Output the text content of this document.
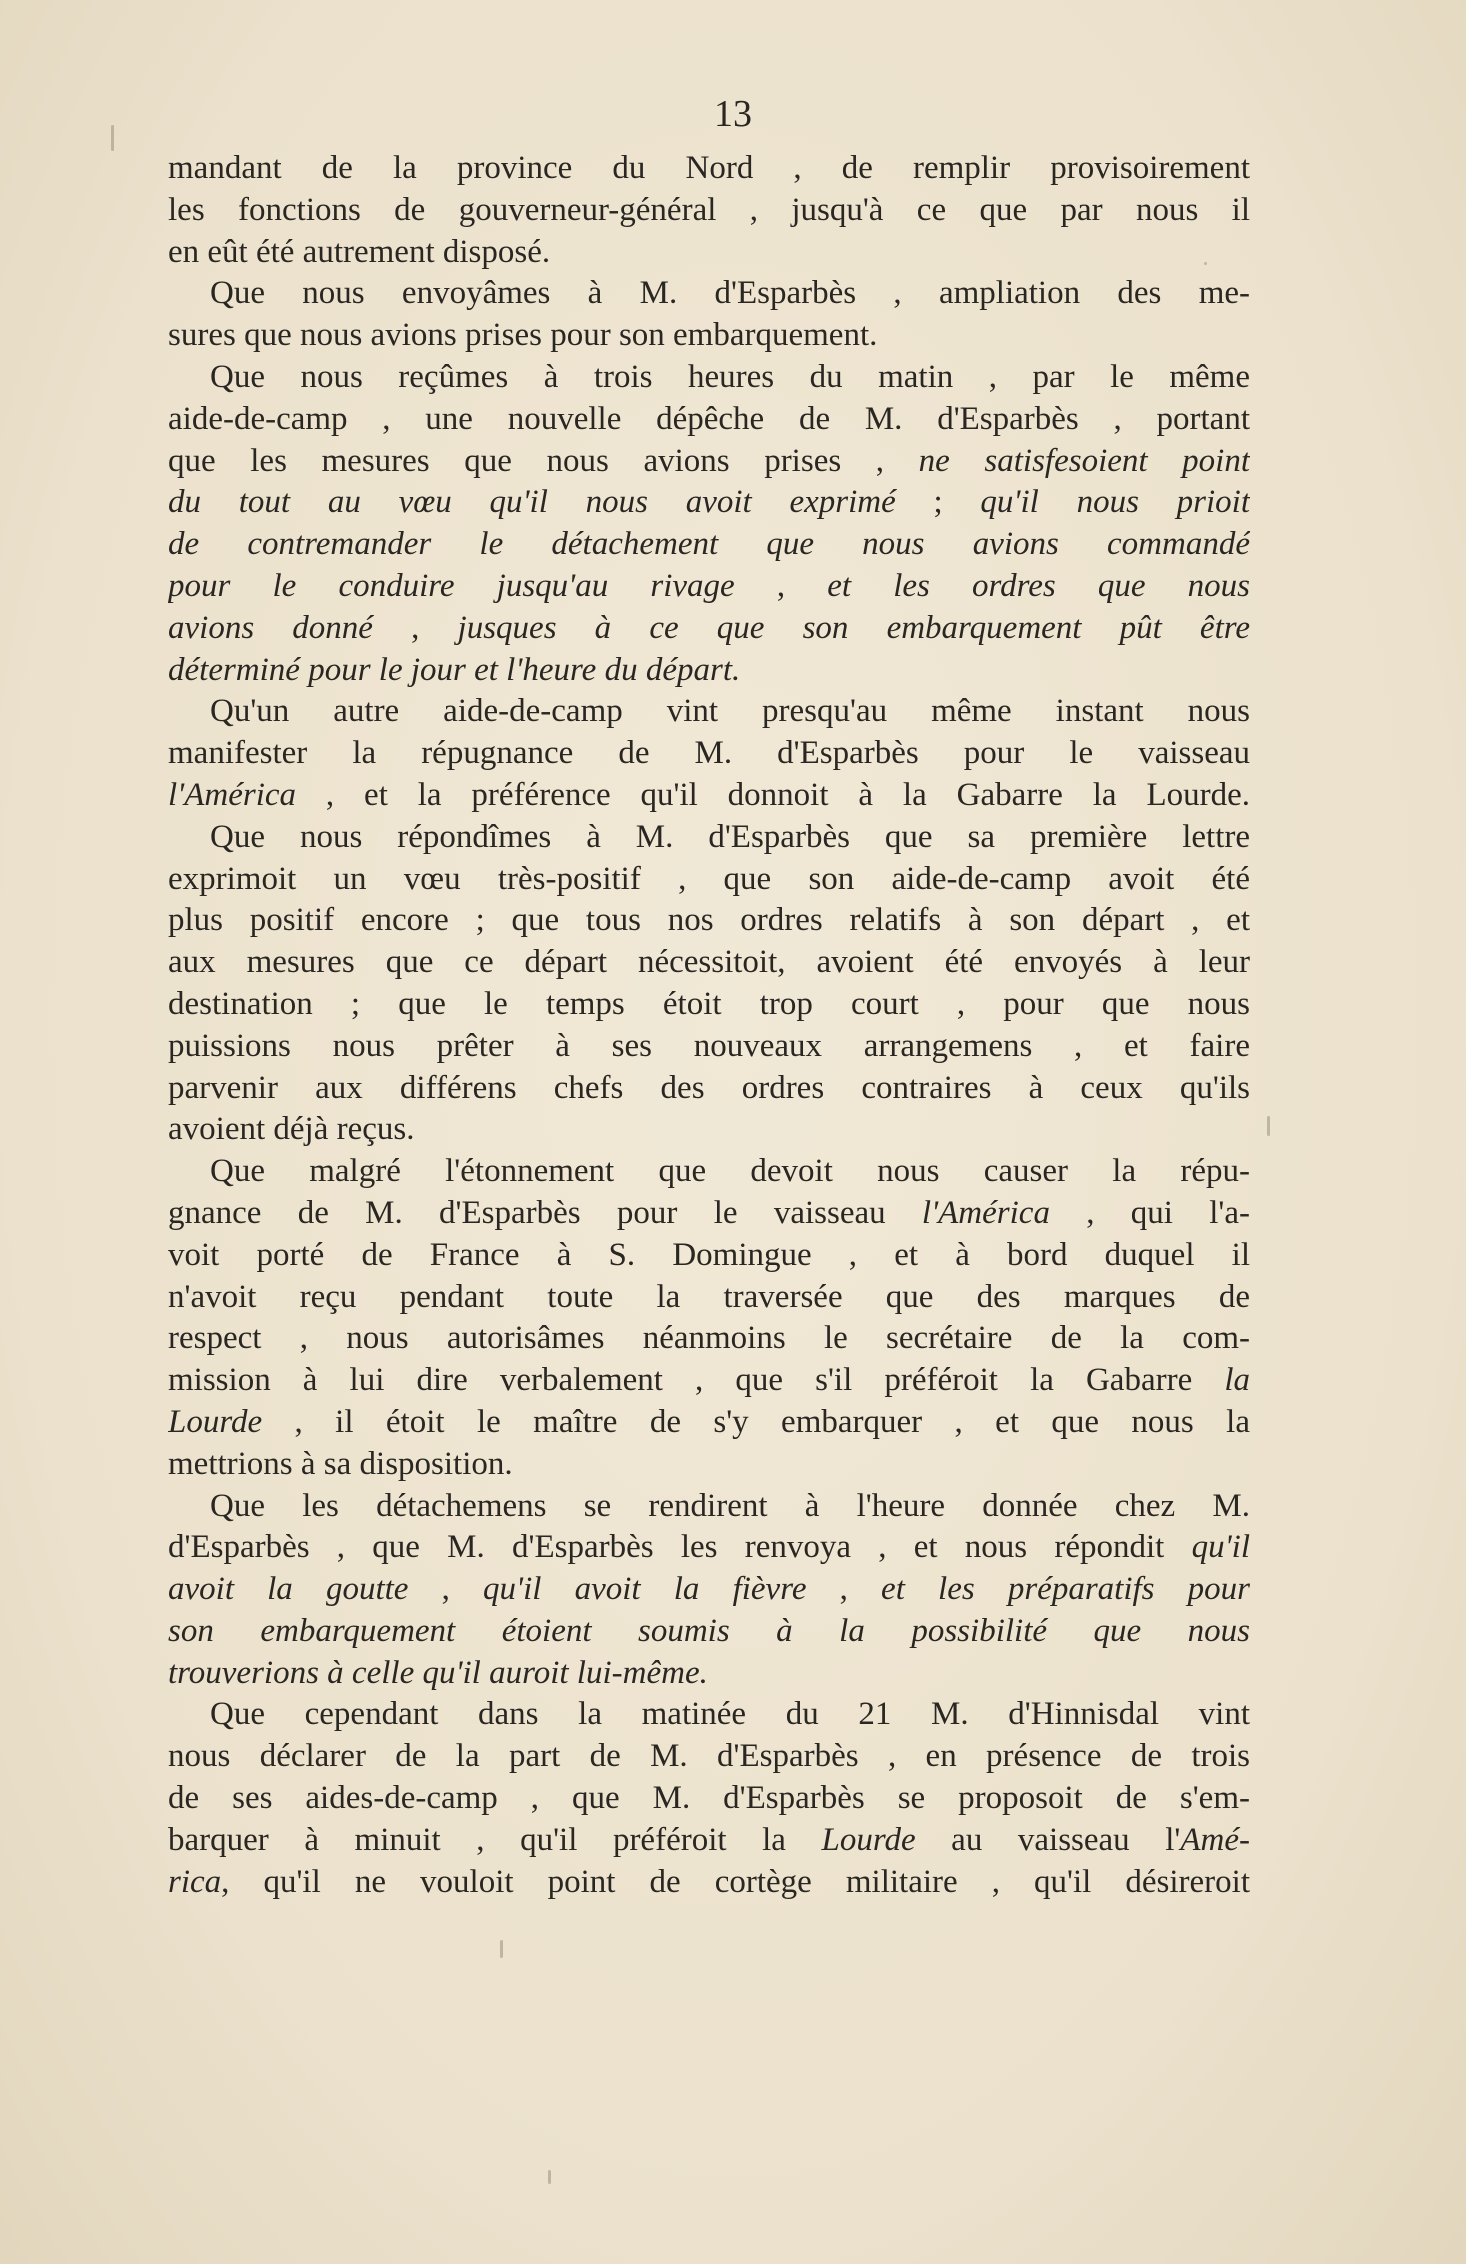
13
mandant de la province du Nord , de remplir provisoirement
les fonctions de gouverneur-général , jusqu'à ce que par nous il
en eût été autrement disposé.
Que nous envoyâmes à M. d'Esparbès , ampliation des me-
sures que nous avions prises pour son embarquement.
Que nous reçûmes à trois heures du matin , par le même
aide-de-camp , une nouvelle dépêche de M. d'Esparbès , portant
que les mesures que nous avions prises , ne satisfesoient point
du tout au vœu qu'il nous avoit exprimé ; qu'il nous prioit
de contremander le détachement que nous avions commandé
pour le conduire jusqu'au rivage , et les ordres que nous
avions donné , jusques à ce que son embarquement pût être
déterminé pour le jour et l'heure du départ.
Qu'un autre aide-de-camp vint presqu'au même instant nous
manifester la répugnance de M. d'Esparbès pour le vaisseau
l'América , et la préférence qu'il donnoit à la Gabarre la Lourde.
Que nous répondîmes à M. d'Esparbès que sa première lettre
exprimoit un vœu très-positif , que son aide-de-camp avoit été
plus positif encore ; que tous nos ordres relatifs à son départ , et
aux mesures que ce départ nécessitoit, avoient été envoyés à leur
destination ; que le temps étoit trop court , pour que nous
puissions nous prêter à ses nouveaux arrangemens , et faire
parvenir aux différens chefs des ordres contraires à ceux qu'ils
avoient déjà reçus.
Que malgré l'étonnement que devoit nous causer la répu-
gnance de M. d'Esparbès pour le vaisseau l'América , qui l'a-
voit porté de France à S. Domingue , et à bord duquel il
n'avoit reçu pendant toute la traversée que des marques de
respect , nous autorisâmes néanmoins le secrétaire de la com-
mission à lui dire verbalement , que s'il préféroit la Gabarre la
Lourde , il étoit le maître de s'y embarquer , et que nous la
mettrions à sa disposition.
Que les détachemens se rendirent à l'heure donnée chez M.
d'Esparbès , que M. d'Esparbès les renvoya , et nous répondit qu'il
avoit la goutte , qu'il avoit la fièvre , et les préparatifs pour
son embarquement étoient soumis à la possibilité que nous
trouverions à celle qu'il auroit lui-même.
Que cependant dans la matinée du 21 M. d'Hinnisdal vint
nous déclarer de la part de M. d'Esparbès , en présence de trois
de ses aides-de-camp , que M. d'Esparbès se proposoit de s'em-
barquer à minuit , qu'il préféroit la Lourde au vaisseau l'Amé-
rica, qu'il ne vouloit point de cortège militaire , qu'il désireroit
